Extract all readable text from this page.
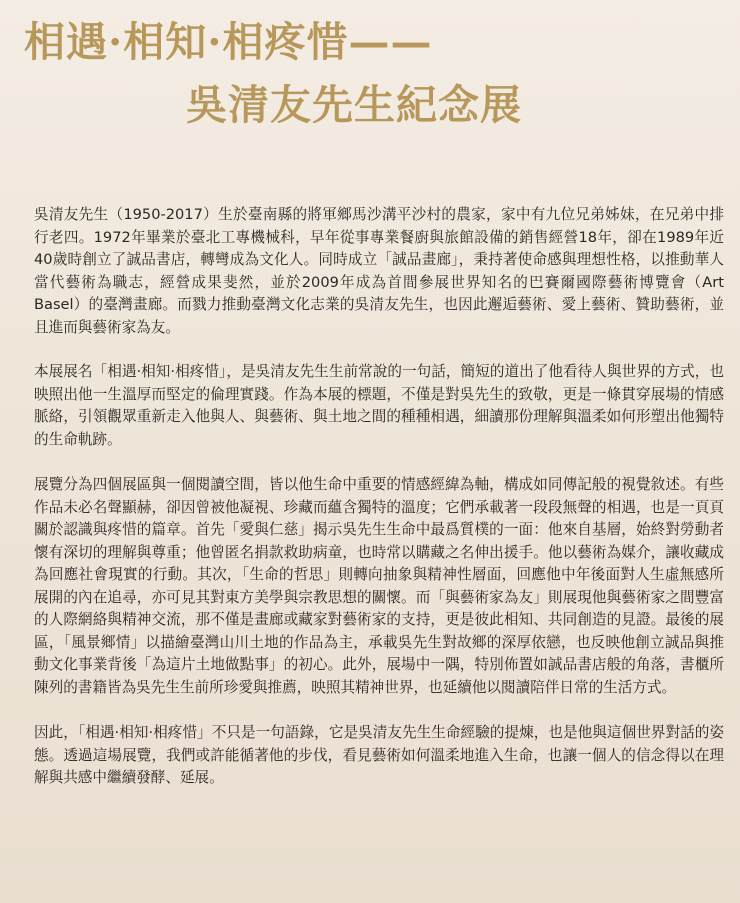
相遇·相知·相疼惜——
吳清友先生紀念展

吳清友先生（1950-2017）生於臺南縣的將軍鄉馬沙溝平沙村的農家，家中有九位兄弟姊妹，在兄弟中排行老四。1972年畢業於臺北工專機械科，早年從事專業餐廚與旅館設備的銷售經營18年，卻在1989年近40歲時創立了誠品書店，轉彎成為文化人。同時成立「誠品畫廊」，秉持著使命感與理想性格，以推動華人當代藝術為職志，經營成果斐然，並於2009年成為首間參展世界知名的巴賽爾國際藝術博覽會（Art Basel）的臺灣畫廊。而戮力推動臺灣文化志業的吳清友先生，也因此邂逅藝術、愛上藝術、贊助藝術，並且進而與藝術家為友。

本展展名「相遇·相知·相疼惜」，是吳清友先生生前常說的一句話，簡短的道出了他看待人與世界的方式，也映照出他一生溫厚而堅定的倫理實踐。作為本展的標題，不僅是對吳先生的致敬，更是一條貫穿展場的情感脈絡，引領觀眾重新走入他與人、與藝術、與土地之間的種種相遇，細讀那份理解與溫柔如何形塑出他獨特的生命軌跡。

展覽分為四個展區與一個閱讀空間，皆以他生命中重要的情感經緯為軸，構成如同傳記般的視覺敘述。有些作品未必名聲顯赫，卻因曾被他凝視、珍藏而蘊含獨特的溫度；它們承載著一段段無聲的相遇，也是一頁頁關於認識與疼惜的篇章。首先「愛與仁慈」揭示吳先生生命中最爲質樸的一面：他來自基層，始終對勞動者懷有深切的理解與尊重；他曾匿名捐款救助病童，也時常以購藏之名伸出援手。他以藝術為媒介，讓收藏成為回應社會現實的行動。其次，「生命的哲思」則轉向抽象與精神性層面，回應他中年後面對人生虛無感所展開的內在追尋，亦可見其對東方美學與宗教思想的關懷。而「與藝術家為友」則展現他與藝術家之間豐富的人際網絡與精神交流，那不僅是畫廊或藏家對藝術家的支持，更是彼此相知、共同創造的見證。最後的展區，「風景鄉情」以描繪臺灣山川土地的作品為主，承載吳先生對故鄉的深厚依戀，也反映他創立誠品與推動文化事業背後「為這片土地做點事」的初心。此外，展場中一隅，特別佈置如誠品書店般的角落，書櫃所陳列的書籍皆為吳先生生前所珍愛與推薦，映照其精神世界，也延續他以閱讀陪伴日常的生活方式。

因此，「相遇·相知·相疼惜」不只是一句語錄，它是吳清友先生生命經驗的提煉，也是他與這個世界對話的姿態。透過這場展覽，我們或許能循著他的步伐，看見藝術如何溫柔地進入生命，也讓一個人的信念得以在理解與共感中繼續發酵、延展。
